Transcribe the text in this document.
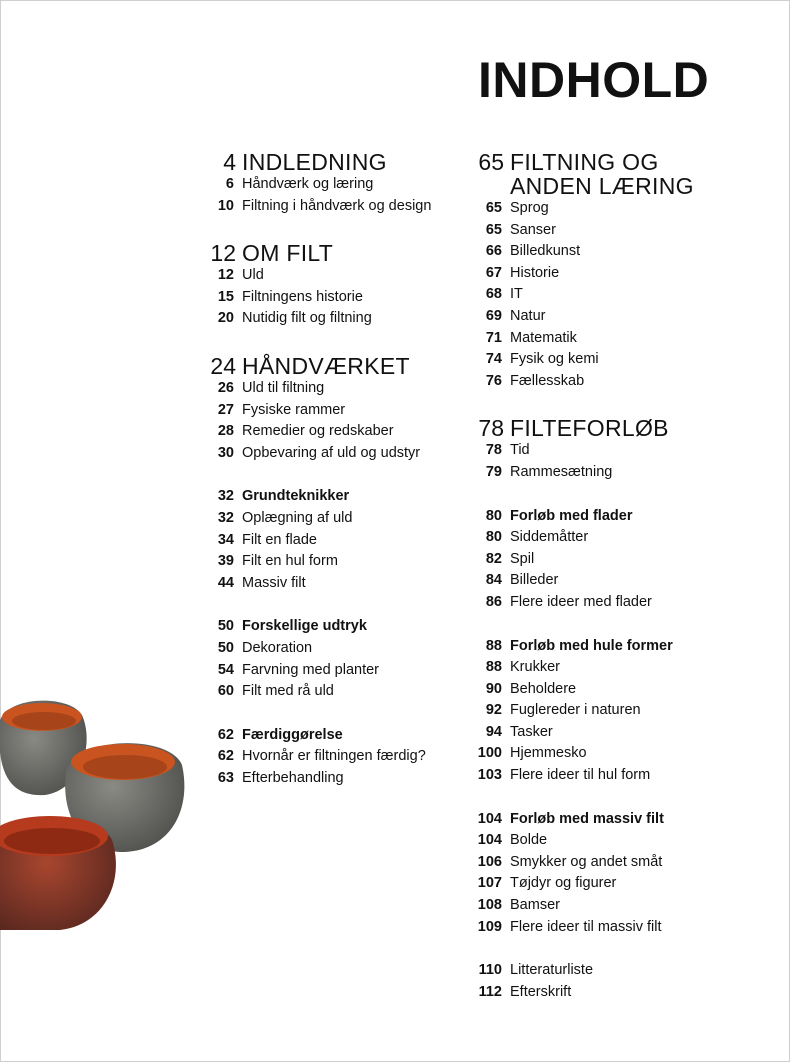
INDHOLD
4 INDLEDNING
6 Håndværk og læring
10 Filtning i håndværk og design
12 OM FILT
12 Uld
15 Filtningens historie
20 Nutidig filt og filtning
24 HÅNDVÆRKET
26 Uld til filtning
27 Fysiske rammer
28 Remedier og redskaber
30 Opbevaring af uld og udstyr
32 Grundteknikker
32 Oplægning af uld
34 Filt en flade
39 Filt en hul form
44 Massiv filt
50 Forskellige udtryk
50 Dekoration
54 Farvning med planter
60 Filt med rå uld
62 Færdiggørelse
62 Hvornår er filtningen færdig?
63 Efterbehandling
65 FILTNING OG
ANDEN LÆRING
65 Sprog
65 Sanser
66 Billedkunst
67 Historie
68 IT
69 Natur
71 Matematik
74 Fysik og kemi
76 Fællesskab
78 FILTEFORLØB
78 Tid
79 Rammesætning
80 Forløb med flader
80 Siddemåtter
82 Spil
84 Billeder
86 Flere ideer med flader
88 Forløb med hule former
88 Krukker
90 Beholdere
92 Fuglereder i naturen
94 Tasker
100 Hjemmesko
103 Flere ideer til hul form
104 Forløb med massiv filt
104 Bolde
106 Smykker og andet småt
107 Tøjdyr og figurer
108 Bamser
109 Flere ideer til massiv filt
110 Litteraturliste
112 Efterskrift
